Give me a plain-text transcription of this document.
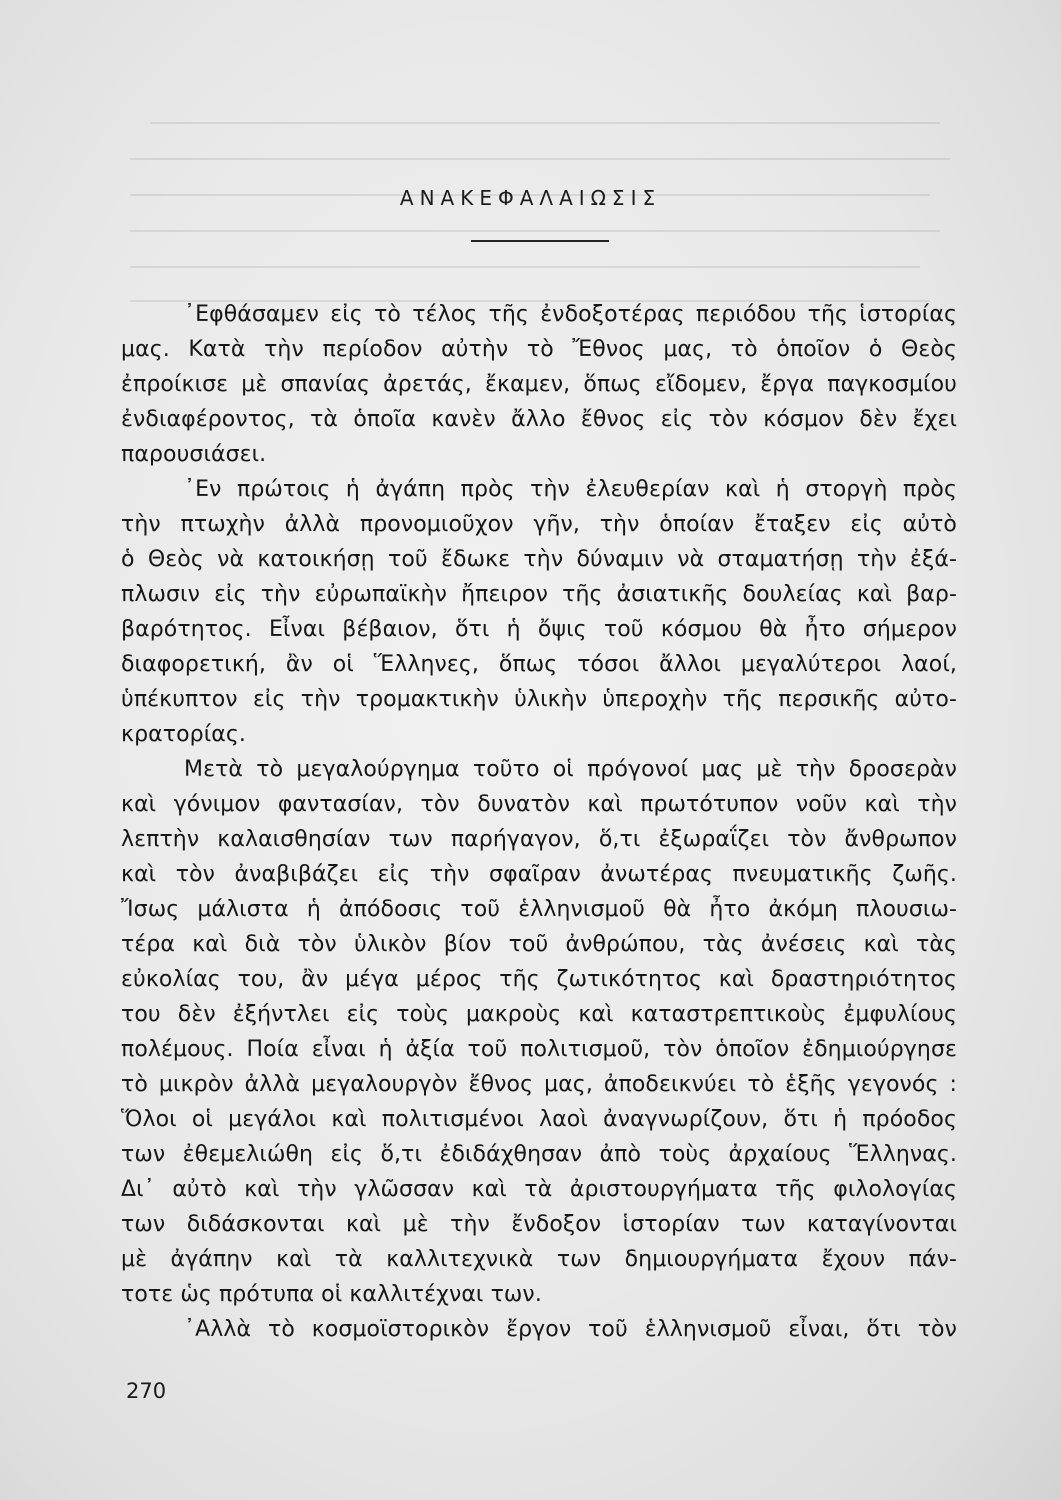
ΑΝΑΚΕΦΑΛΑΙΩΣΙΣ
᾿Εφθάσαμεν εἰς τὸ τέλος τῆς ἐνδοξοτέρας περιόδου τῆς ἱστορίας
μας. Κατὰ τὴν περίοδον αὐτὴν τὸ Ἔθνος μας, τὸ ὁποῖον ὁ Θεὸς
ἐπροίκισε μὲ σπανίας ἀρετάς, ἔκαμεν, ὅπως εἴδομεν, ἔργα παγκοσμίου
ἐνδιαφέροντος, τὰ ὁποῖα κανὲν ἄλλο ἔθνος εἰς τὸν κόσμον δὲν ἔχει
παρουσιάσει.
᾿Εν πρώτοις ἡ ἀγάπη πρὸς τὴν ἐλευθερίαν καὶ ἡ στοργὴ πρὸς
τὴν πτωχὴν ἀλλὰ προνομιοῦχον γῆν, τὴν ὁποίαν ἔταξεν εἰς αὐτὸ
ὁ Θεὸς νὰ κατοικήσῃ τοῦ ἔδωκε τὴν δύναμιν νὰ σταματήσῃ τὴν ἐξά-
πλωσιν εἰς τὴν εὐρωπαϊκὴν ἤπειρον τῆς ἀσιατικῆς δουλείας καὶ βαρ-
βαρότητος. Εἶναι βέβαιον, ὅτι ἡ ὄψις τοῦ κόσμου θὰ ἦτο σήμερον
διαφορετική, ἂν οἱ Ἕλληνες, ὅπως τόσοι ἄλλοι μεγαλύτεροι λαοί,
ὑπέκυπτον εἰς τὴν τρομακτικὴν ὑλικὴν ὑπεροχὴν τῆς περσικῆς αὐτο-
κρατορίας.
Μετὰ τὸ μεγαλούργημα τοῦτο οἱ πρόγονοί μας μὲ τὴν δροσερὰν
καὶ γόνιμον φαντασίαν, τὸν δυνατὸν καὶ πρωτότυπον νοῦν καὶ τὴν
λεπτὴν καλαισθησίαν των παρήγαγον, ὅ,τι ἐξωραΐζει τὸν ἄνθρωπον
καὶ τὸν ἀναβιβάζει εἰς τὴν σφαῖραν ἀνωτέρας πνευματικῆς ζωῆς.
Ἴσως μάλιστα ἡ ἀπόδοσις τοῦ ἑλληνισμοῦ θὰ ἦτο ἀκόμη πλουσιω-
τέρα καὶ διὰ τὸν ὑλικὸν βίον τοῦ ἀνθρώπου, τὰς ἀνέσεις καὶ τὰς
εὐκολίας του, ἂν μέγα μέρος τῆς ζωτικότητος καὶ δραστηριότητος
του δὲν ἐξήντλει εἰς τοὺς μακροὺς καὶ καταστρεπτικοὺς ἐμφυλίους
πολέμους. Ποία εἶναι ἡ ἀξία τοῦ πολιτισμοῦ, τὸν ὁποῖον ἐδημιούργησε
τὸ μικρὸν ἀλλὰ μεγαλουργὸν ἔθνος μας, ἀποδεικνύει τὸ ἑξῆς γεγονός :
Ὅλοι οἱ μεγάλοι καὶ πολιτισμένοι λαοὶ ἀναγνωρίζουν, ὅτι ἡ πρόοδος
των ἐθεμελιώθη εἰς ὅ,τι ἐδιδάχθησαν ἀπὸ τοὺς ἀρχαίους Ἕλληνας.
Δι᾿ αὐτὸ καὶ τὴν γλῶσσαν καὶ τὰ ἀριστουργήματα τῆς φιλολογίας
των διδάσκονται καὶ μὲ τὴν ἔνδοξον ἱστορίαν των καταγίνονται
μὲ ἀγάπην καὶ τὰ καλλιτεχνικὰ των δημιουργήματα ἔχουν πάν-
τοτε ὡς πρότυπα οἱ καλλιτέχναι των.
᾿Αλλὰ τὸ κοσμοϊστορικὸν ἔργον τοῦ ἑλληνισμοῦ εἶναι, ὅτι τὸν
270
